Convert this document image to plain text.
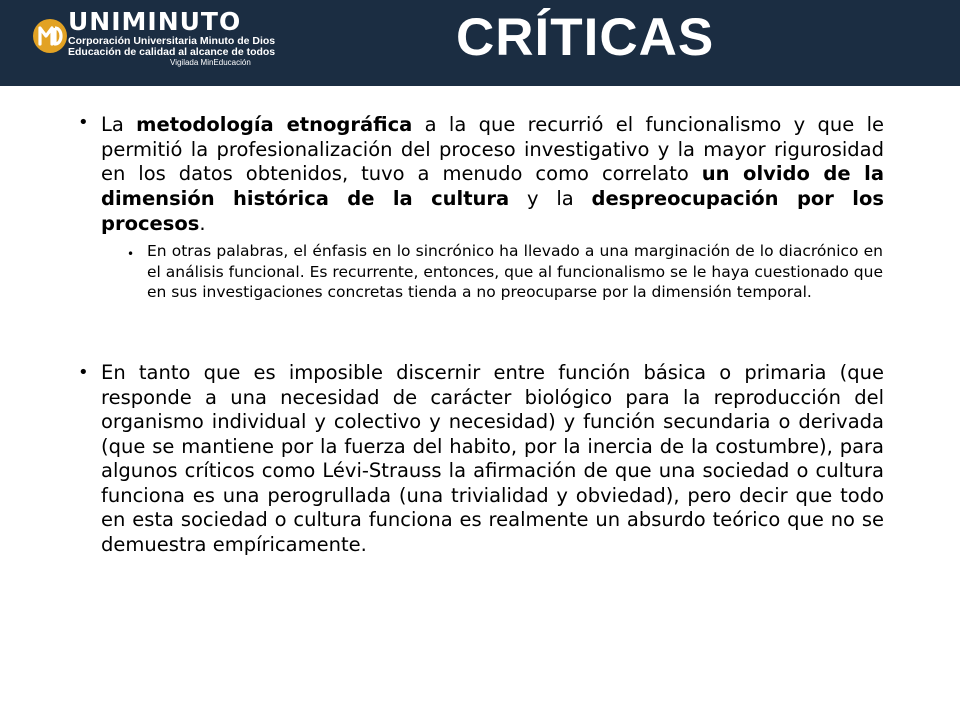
UNIMINUTO
Corporación Universitaria Minuto de Dios
Educación de calidad al alcance de todos
Vigilada MinEducación	CRÍTICAS
• La metodología etnográfica a la que recurrió el funcionalismo y que le permitió la profesionalización del proceso investigativo y la mayor rigurosidad en los datos obtenidos, tuvo a menudo como correlato un olvido de la dimensión histórica de la cultura y la despreocupación por los procesos.

• En otras palabras, el énfasis en lo sincrónico ha llevado a una marginación de lo diacrónico en el análisis funcional. Es recurrente, entonces, que al funcionalismo se le haya cuestionado que en sus investigaciones concretas tienda a no preocuparse por la dimensión temporal.

• En tanto que es imposible discernir entre función básica o primaria (que responde a una necesidad de carácter biológico para la reproducción del organismo individual y colectivo y necesidad) y función secundaria o derivada (que se mantiene por la fuerza del habito, por la inercia de la costumbre), para algunos críticos como Lévi-Strauss la afirmación de que una sociedad o cultura funciona es una perogrullada (una trivialidad y obviedad), pero decir que todo en esta sociedad o cultura funciona es realmente un absurdo teórico que no se demuestra empíricamente.
